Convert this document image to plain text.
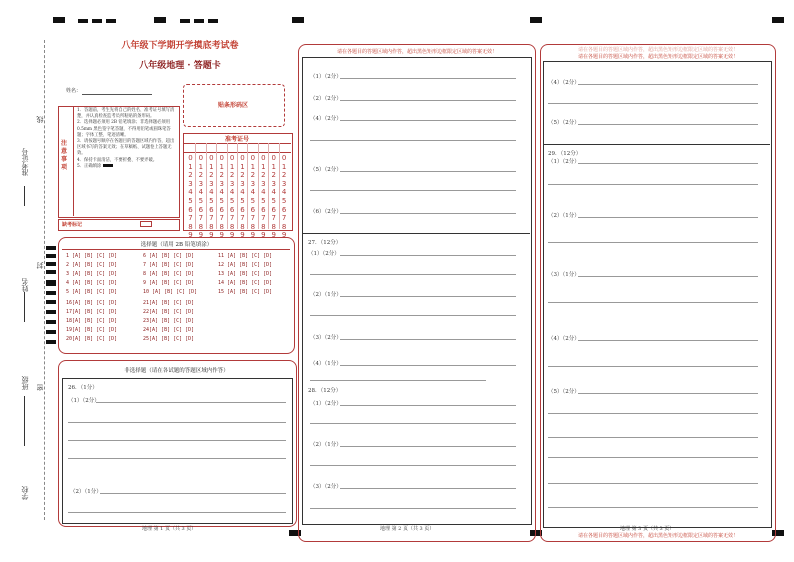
准考证号
姓名
班级
学校
线
封
密
八年级下学期开学摸底考试卷
八年级地理 · 答题卡
姓名：
贴条形码区
注意事项
1．答题前，考生先将自己的姓名、准考证号填写清楚，并认真检查监考员所粘贴的条形码。
2．选择题必须用 2B 铅笔填涂；非选择题必须用 0.5mm 黑色签字笔答题，不得用铅笔或圆珠笔答题；字体工整、笔迹清晰。
3．请按题号顺序在各题目的答题区域内作答，超出区域书写的答案无效；在草稿纸、试题卷上答题无效。
4．保持卡面清洁，不要折叠、不要弄破。
5．正确填涂
缺考标记
准考证号
0
1
2
3
4
5
6
7
8
9
0
1
2
3
4
5
6
7
8
9
0
1
2
3
4
5
6
7
8
9
0
1
2
3
4
5
6
7
8
9
0
1
2
3
4
5
6
7
8
9
0
1
2
3
4
5
6
7
8
9
0
1
2
3
4
5
6
7
8
9
0
1
2
3
4
5
6
7
8
9
0
1
2
3
4
5
6
7
8
9
0
1
2
3
4
5
6
7
8
9
选择题（请用 2B 铅笔填涂）
1 [A] [B] [C] [D]
2 [A] [B] [C] [D]
3 [A] [B] [C] [D]
4 [A] [B] [C] [D]
5 [A] [B] [C] [D]
16[A] [B] [C] [D]
17[A] [B] [C] [D]
18[A] [B] [C] [D]
19[A] [B] [C] [D]
20[A] [B] [C] [D]
6 [A] [B] [C] [D]
7 [A] [B] [C] [D]
8 [A] [B] [C] [D]
9 [A] [B] [C] [D]
10 [A] [B] [C] [D]
21[A] [B] [C] [D]
22[A] [B] [C] [D]
23[A] [B] [C] [D]
24[A] [B] [C] [D]
25[A] [B] [C] [D]
11 [A] [B] [C] [D]
12 [A] [B] [C] [D]
13 [A] [B] [C] [D]
14 [A] [B] [C] [D]
15 [A] [B] [C] [D]
非选择题（请在各试题的答题区域内作答）
26．（1分）
（1）（2分）
（2）（1分）
地理 第 1 页（共 3 页）
请在各题目的答题区域内作答，超出黑色矩形边框限定区域的答案无效！
（1）（2分）
（2）（2分）
（4）（2分）
（5）（2分）
（6）（2分）
27．（12分）
（1）（2分）
（2）（1分）
（3）（2分）
（4）（1分）
28．（12分）
（1）（2分）
（2）（1分）
（3）（2分）
地理 第 2 页（共 3 页）
请在各题目的答题区域内作答，超出黑色矩形边框限定区域的答案无效！
请在各题目的答题区域内作答，超出黑色矩形边框限定区域的答案无效！
（4）（2分）
（5）（2分）
29．（12分）
（1）（2分）
（2）（1分）
（3）（1分）
（4）（2分）
（5）（2分）
地理 第 3 页（共 3 页）
请在各题目的答题区域内作答，超出黑色矩形边框限定区域的答案无效！
